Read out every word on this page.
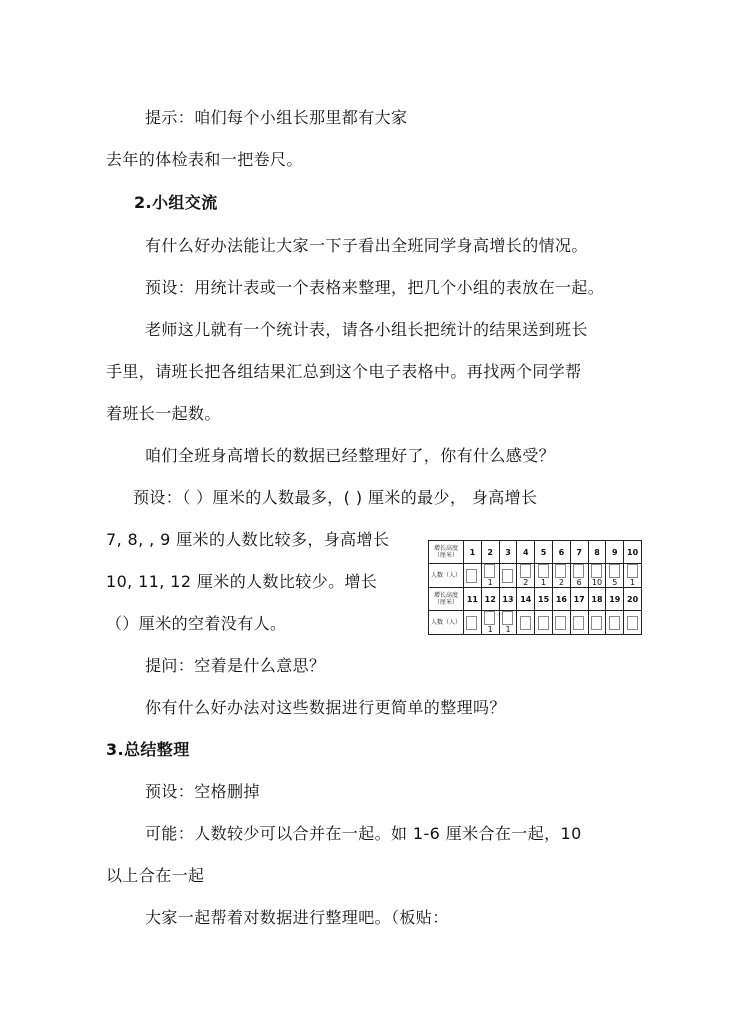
提示：咱们每个小组长那里都有大家
去年的体检表和一把卷尺。
2.小组交流
有什么好办法能让大家一下子看出全班同学身高增长的情况。
预设：用统计表或一个表格来整理，把几个小组的表放在一起。
老师这儿就有一个统计表，请各小组长把统计的结果送到班长
手里，请班长把各组结果汇总到这个电子表格中。再找两个同学帮
着班长一起数。
咱们全班身高增长的数据已经整理好了，你有什么感受？
预设：（ ）厘米的人数最多，( ) 厘米的最少， 身高增长
7, 8, , 9 厘米的人数比较多，身高增长
10, 11, 12 厘米的人数比较少。增长
（）厘米的空着没有人。
提问：空着是什么意思？
你有什么好办法对这些数据进行更简单的整理吗？
3.总结整理
预设：空格删掉
可能：人数较少可以合并在一起。如 1-6 厘米合在一起，10
以上合在一起
大家一起帮着对数据进行整理吧。（板贴：
增长高度（厘米）	1	2	3	4	5	6	7	8	9	10
人数（人）		1		2	1	2	6	10	5	1
增长高度（厘米）	11	12	13	14	15	16	17	18	19	20
人数（人）		1	1							
